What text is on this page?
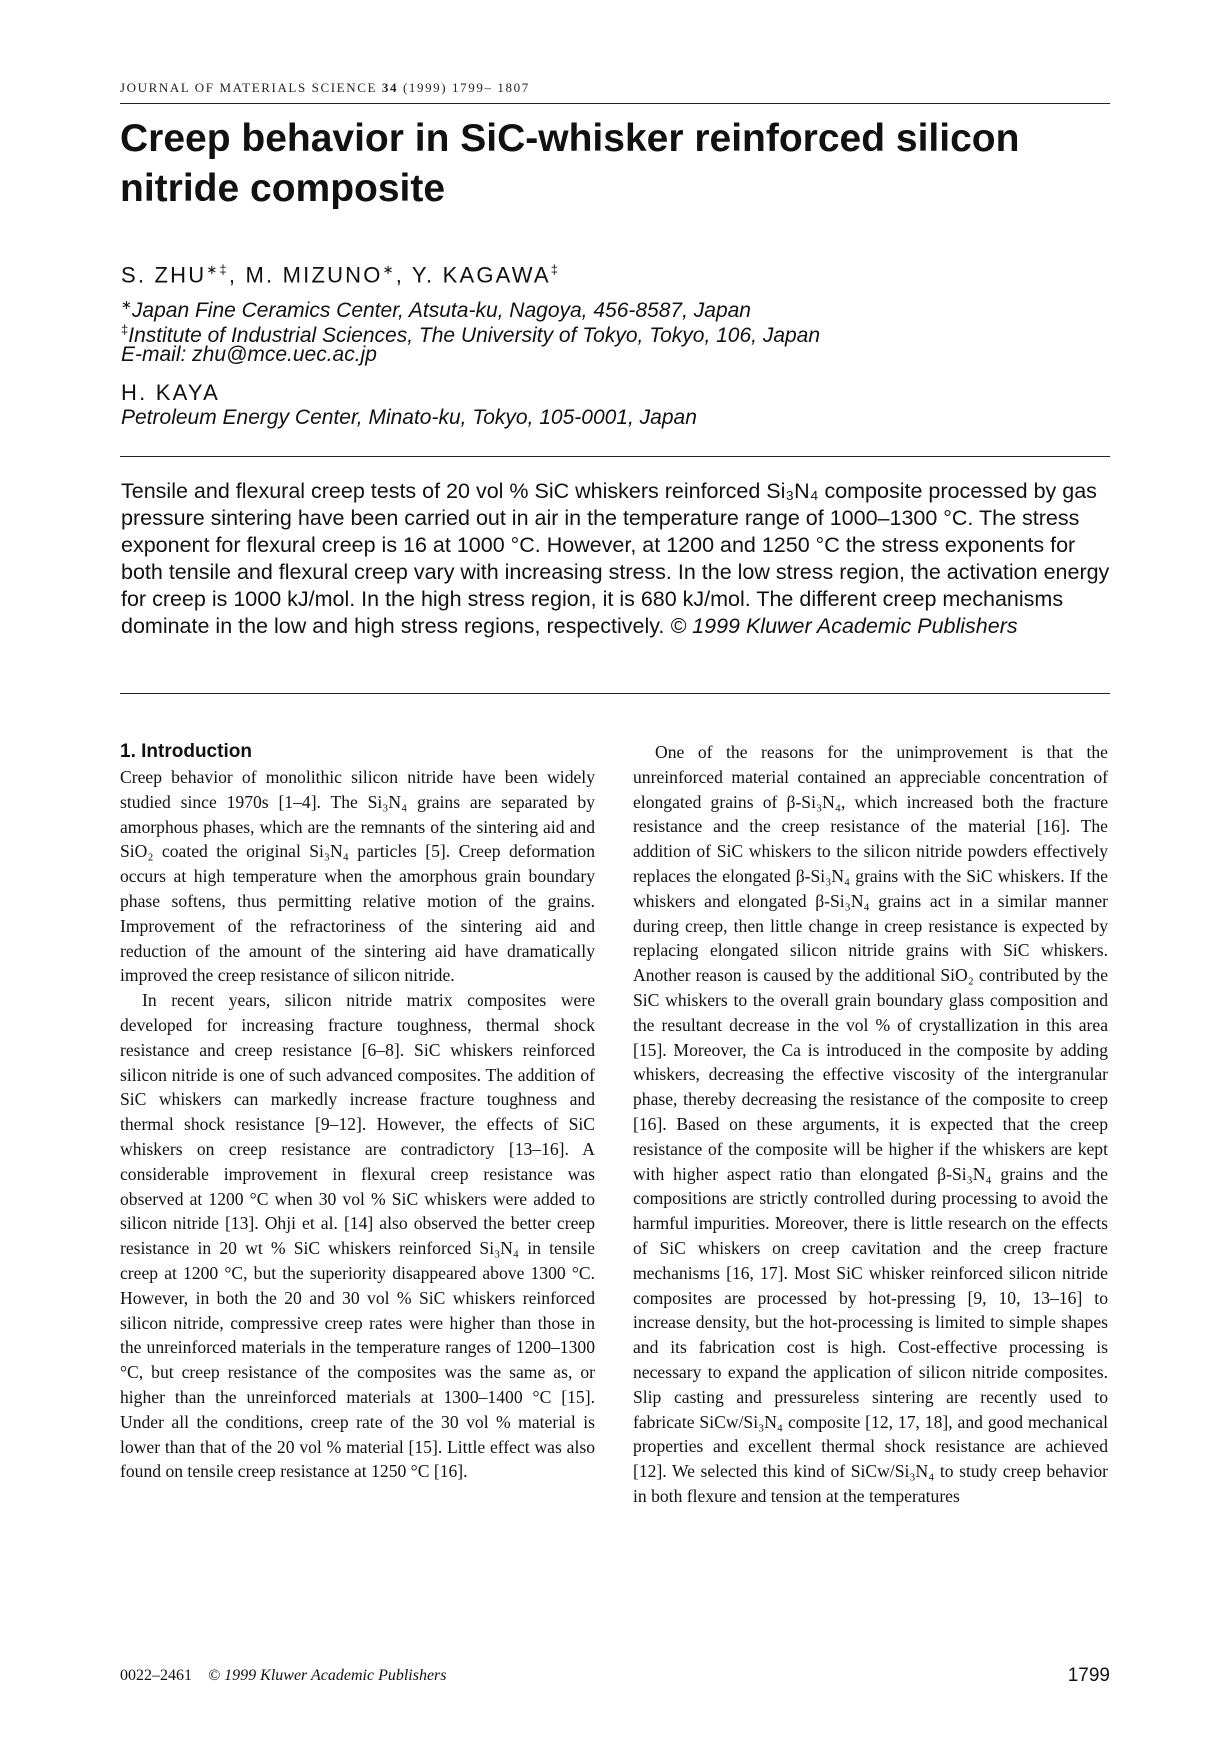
JOURNAL OF MATERIALS SCIENCE 34 (1999) 1799– 1807
Creep behavior in SiC-whisker reinforced silicon nitride composite
S. ZHU∗‡, M. MIZUNO∗, Y. KAGAWA‡
∗Japan Fine Ceramics Center, Atsuta-ku, Nagoya, 456-8587, Japan
‡Institute of Industrial Sciences, The University of Tokyo, Tokyo, 106, Japan
E-mail: zhu@mce.uec.ac.jp
H. KAYA
Petroleum Energy Center, Minato-ku, Tokyo, 105-0001, Japan
Tensile and flexural creep tests of 20 vol % SiC whiskers reinforced Si₃N₄ composite processed by gas pressure sintering have been carried out in air in the temperature range of 1000–1300 °C. The stress exponent for flexural creep is 16 at 1000 °C. However, at 1200 and 1250 °C the stress exponents for both tensile and flexural creep vary with increasing stress. In the low stress region, the activation energy for creep is 1000 kJ/mol. In the high stress region, it is 680 kJ/mol. The different creep mechanisms dominate in the low and high stress regions, respectively. © 1999 Kluwer Academic Publishers
1. Introduction

Creep behavior of monolithic silicon nitride have been widely studied since 1970s [1–4]. The Si₃N₄ grains are separated by amorphous phases, which are the remnants of the sintering aid and SiO₂ coated the original Si₃N₄ particles [5]. Creep deformation occurs at high temperature when the amorphous grain boundary phase softens, thus permitting relative motion of the grains. Improvement of the refractoriness of the sintering aid and reduction of the amount of the sintering aid have dramatically improved the creep resistance of silicon nitride.

In recent years, silicon nitride matrix composites were developed for increasing fracture toughness, thermal shock resistance and creep resistance [6–8]. SiC whiskers reinforced silicon nitride is one of such advanced composites. The addition of SiC whiskers can markedly increase fracture toughness and thermal shock resistance [9–12]. However, the effects of SiC whiskers on creep resistance are contradictory [13–16]. A considerable improvement in flexural creep resistance was observed at 1200 °C when 30 vol % SiC whiskers were added to silicon nitride [13]. Ohji et al. [14] also observed the better creep resistance in 20 wt % SiC whiskers reinforced Si₃N₄ in tensile creep at 1200 °C, but the superiority disappeared above 1300 °C. However, in both the 20 and 30 vol % SiC whiskers reinforced silicon nitride, compressive creep rates were higher than those in the unreinforced materials in the temperature ranges of 1200–1300 °C, but creep resistance of the composites was the same as, or higher than the unreinforced materials at 1300–1400 °C [15]. Under all the conditions, creep rate of the 30 vol % material is lower than that of the 20 vol % material [15]. Little effect was also found on tensile creep resistance at 1250 °C [16].

One of the reasons for the unimprovement is that the unreinforced material contained an appreciable concentration of elongated grains of β-Si₃N₄, which increased both the fracture resistance and the creep resistance of the material [16]. The addition of SiC whiskers to the silicon nitride powders effectively replaces the elongated β-Si₃N₄ grains with the SiC whiskers. If the whiskers and elongated β-Si₃N₄ grains act in a similar manner during creep, then little change in creep resistance is expected by replacing elongated silicon nitride grains with SiC whiskers. Another reason is caused by the additional SiO₂ contributed by the SiC whiskers to the overall grain boundary glass composition and the resultant decrease in the vol % of crystallization in this area [15]. Moreover, the Ca is introduced in the composite by adding whiskers, decreasing the effective viscosity of the intergranular phase, thereby decreasing the resistance of the composite to creep [16]. Based on these arguments, it is expected that the creep resistance of the composite will be higher if the whiskers are kept with higher aspect ratio than elongated β-Si₃N₄ grains and the compositions are strictly controlled during processing to avoid the harmful impurities. Moreover, there is little research on the effects of SiC whiskers on creep cavitation and the creep fracture mechanisms [16, 17]. Most SiC whisker reinforced silicon nitride composites are processed by hot-pressing [9, 10, 13–16] to increase density, but the hot-processing is limited to simple shapes and its fabrication cost is high. Cost-effective processing is necessary to expand the application of silicon nitride composites. Slip casting and pressureless sintering are recently used to fabricate SiCw/Si₃N₄ composite [12, 17, 18], and good mechanical properties and excellent thermal shock resistance are achieved [12]. We selected this kind of SiCw/Si₃N₄ to study creep behavior in both flexure and tension at the temperatures

0022–2461 © 1999 Kluwer Academic Publishers	1799
